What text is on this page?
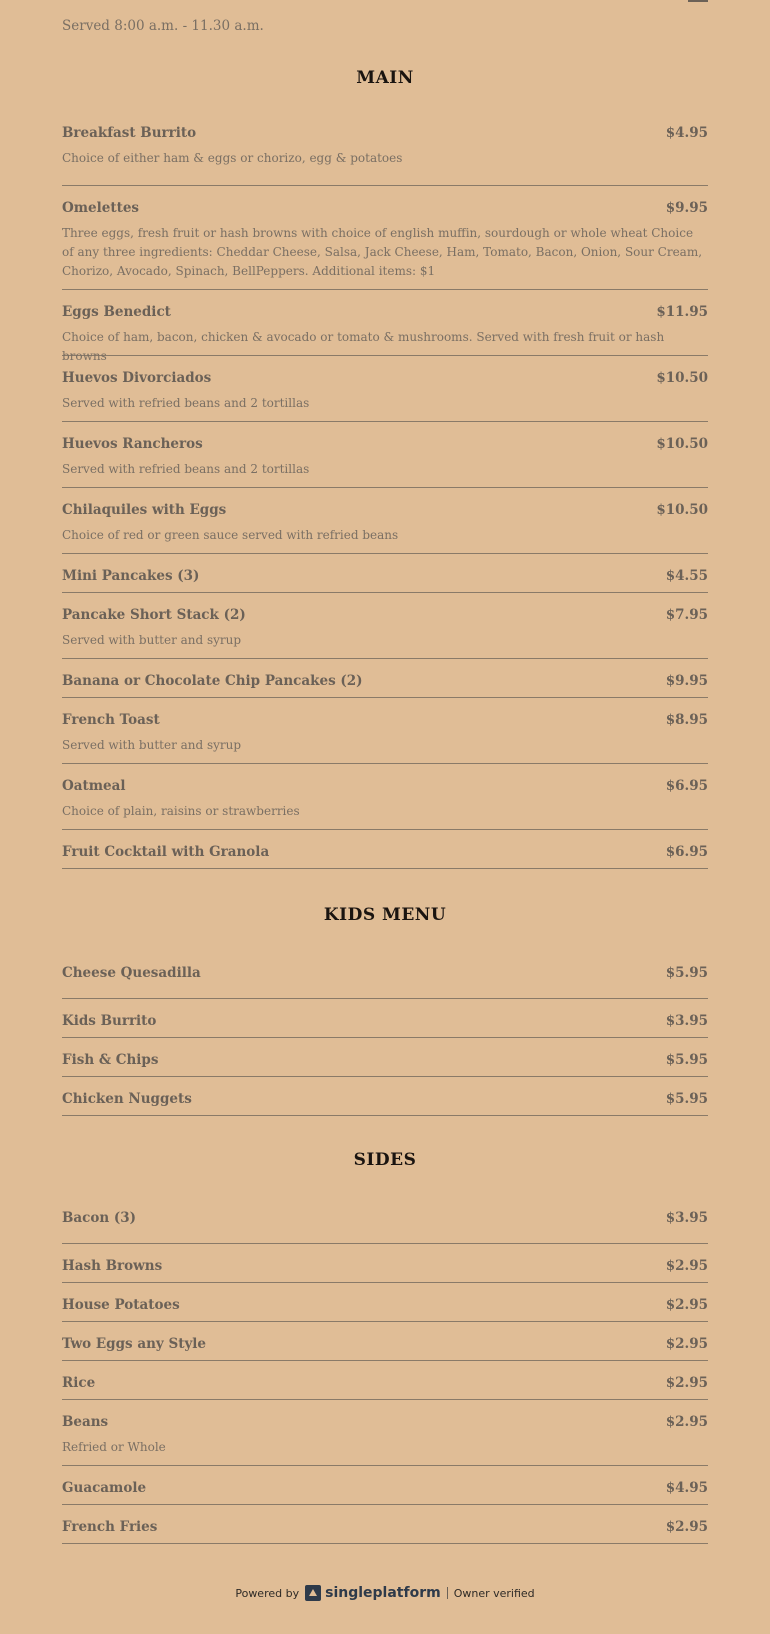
Served 8:00 a.m. - 11.30 a.m.
MAIN
Breakfast Burrito	$4.95
Choice of either ham & eggs or chorizo, egg & potatoes
Omelettes	$9.95
Three eggs, fresh fruit or hash browns with choice of english muffin, sourdough or whole wheat Choice of any three ingredients: Cheddar Cheese, Salsa, Jack Cheese, Ham, Tomato, Bacon, Onion, Sour Cream, Chorizo, Avocado, Spinach, BellPeppers. Additional items: $1
Eggs Benedict	$11.95
Choice of ham, bacon, chicken & avocado or tomato & mushrooms. Served with fresh fruit or hash browns
Huevos Divorciados	$10.50
Served with refried beans and 2 tortillas
Huevos Rancheros	$10.50
Served with refried beans and 2 tortillas
Chilaquiles with Eggs	$10.50
Choice of red or green sauce served with refried beans
Mini Pancakes (3)	$4.55
Pancake Short Stack (2)	$7.95
Served with butter and syrup
Banana or Chocolate Chip Pancakes (2)	$9.95
French Toast	$8.95
Served with butter and syrup
Oatmeal	$6.95
Choice of plain, raisins or strawberries
Fruit Cocktail with Granola	$6.95
KIDS MENU
Cheese Quesadilla	$5.95
Kids Burrito	$3.95
Fish & Chips	$5.95
Chicken Nuggets	$5.95
SIDES
Bacon (3)	$3.95
Hash Browns	$2.95
House Potatoes	$2.95
Two Eggs any Style	$2.95
Rice	$2.95
Beans	$2.95
Refried or Whole
Guacamole	$4.95
French Fries	$2.95
Powered by singleplatform Owner verified
